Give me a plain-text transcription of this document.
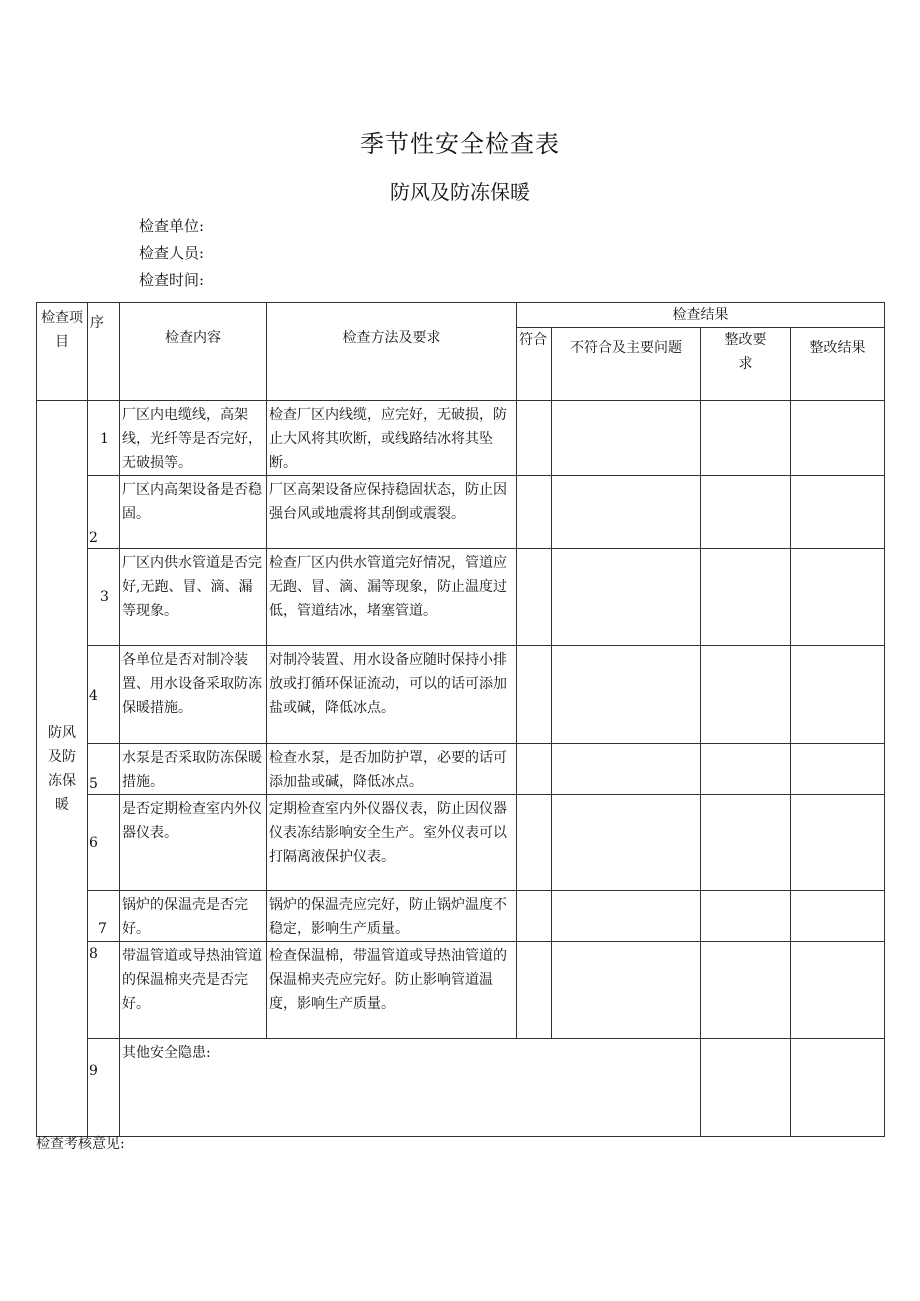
季节性安全检查表
防风及防冻保暖
检查单位:
检查人员:
检查时间:
检查项目	序	检查内容	检查方法及要求	检查结果			
				符合	不符合及主要问题	整改要
求	整改结果

防风及防冻保暖	1	厂区内电缆线，高架线，光纤等是否完好，无破损等。	检查厂区内线缆，应完好，无破损，防止大风将其吹断，或线路结冰将其坠断。				

	2	厂区内高架设备是否稳固。	厂区高架设备应保持稳固状态，防止因强台风或地震将其刮倒或震裂。				

	3	厂区内供水管道是否完好,无跑、冒、滴、漏等现象。	检查厂区内供水管道完好情况，管道应无跑、冒、滴、漏等现象，防止温度过低，管道结冰，堵塞管道。				

	4	各单位是否对制冷装置、用水设备采取防冻保暖措施。	对制冷装置、用水设备应随时保持小排放或打循环保证流动，可以的话可添加盐或碱，降低冰点。				

	5	水泵是否采取防冻保暖措施。	检查水泵，是否加防护罩，必要的话可添加盐或碱，降低冰点。				

	6	是否定期检查室内外仪器仪表。	定期检查室内外仪器仪表，防止因仪器仪表冻结影响安全生产。室外仪表可以打隔离液保护仪表。				

	7	锅炉的保温壳是否完好。	锅炉的保温壳应完好，防止锅炉温度不稳定，影响生产质量。				

	8	带温管道或导热油管道的保温棉夹壳是否完好。	检查保温棉，带温管道或导热油管道的保温棉夹壳应完好。防止影响管道温度，影响生产质量。				

	9	其他安全隐患:					
检查考核意见:
